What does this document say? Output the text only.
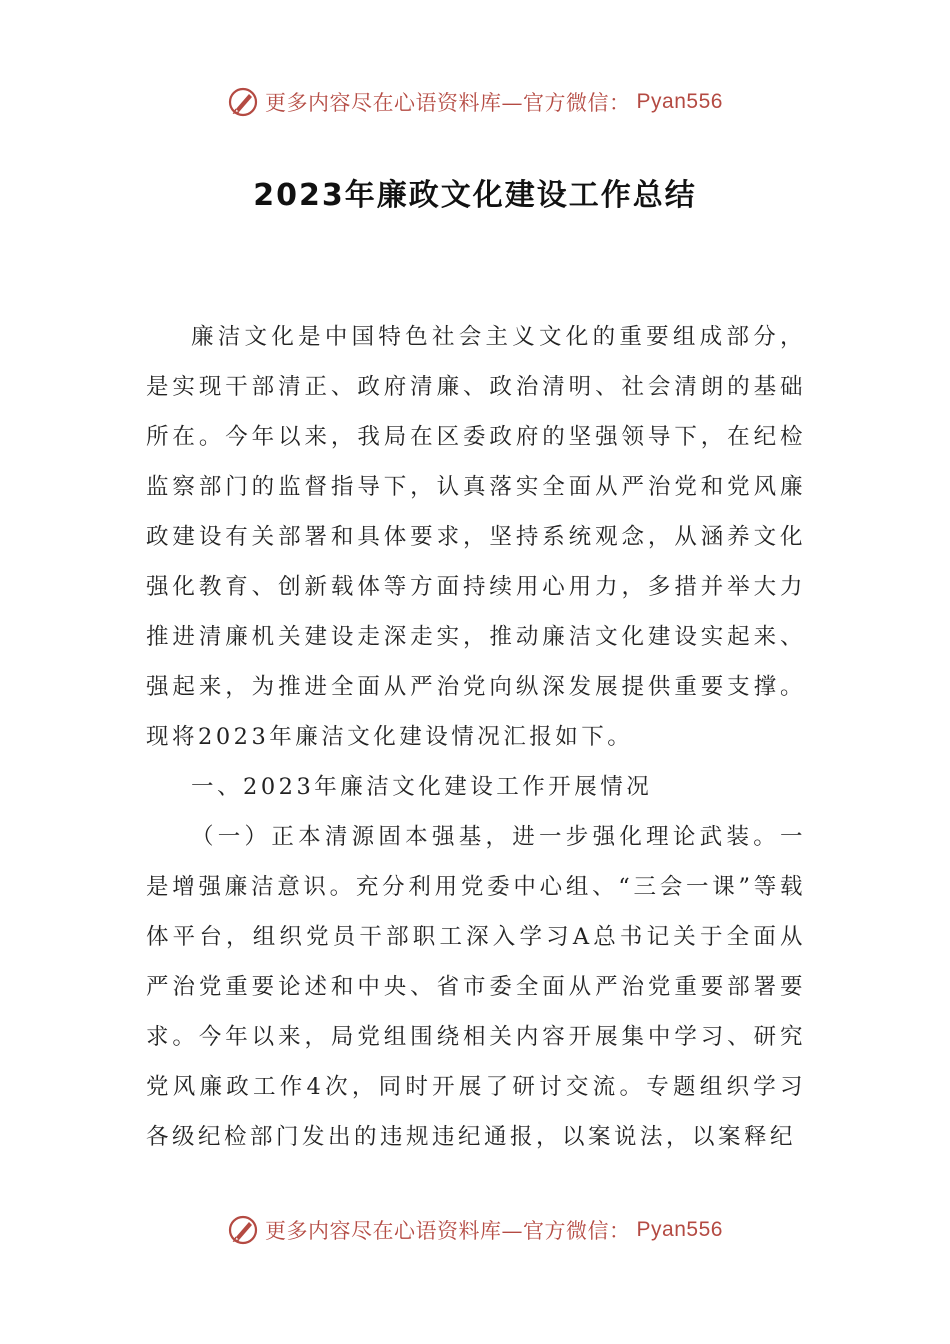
更多内容尽在心语资料库—官方微信： Pyan556
2023年廉政文化建设工作总结

廉洁文化是中国特色社会主义文化的重要组成部分，是实现干部清正、政府清廉、政治清明、社会清朗的基础所在。今年以来，我局在区委政府的坚强领导下，在纪检监察部门的监督指导下，认真落实全面从严治党和党风廉政建设有关部署和具体要求，坚持系统观念，从涵养文化强化教育、创新载体等方面持续用心用力，多措并举大力推进清廉机关建设走深走实，推动廉洁文化建设实起来、强起来，为推进全面从严治党向纵深发展提供重要支撑。现将2023年廉洁文化建设情况汇报如下。

一、2023年廉洁文化建设工作开展情况

（一）正本清源固本强基，进一步强化理论武装。一是增强廉洁意识。充分利用党委中心组、“三会一课”等载体平台，组织党员干部职工深入学习A总书记关于全面从严治党重要论述和中央、省市委全面从严治党重要部署要求。今年以来，局党组围绕相关内容开展集中学习、研究党风廉政工作4次，同时开展了研讨交流。专题组织学习各级纪检部门发出的违规违纪通报，以案说法，以案释纪

更多内容尽在心语资料库—官方微信： Pyan556
